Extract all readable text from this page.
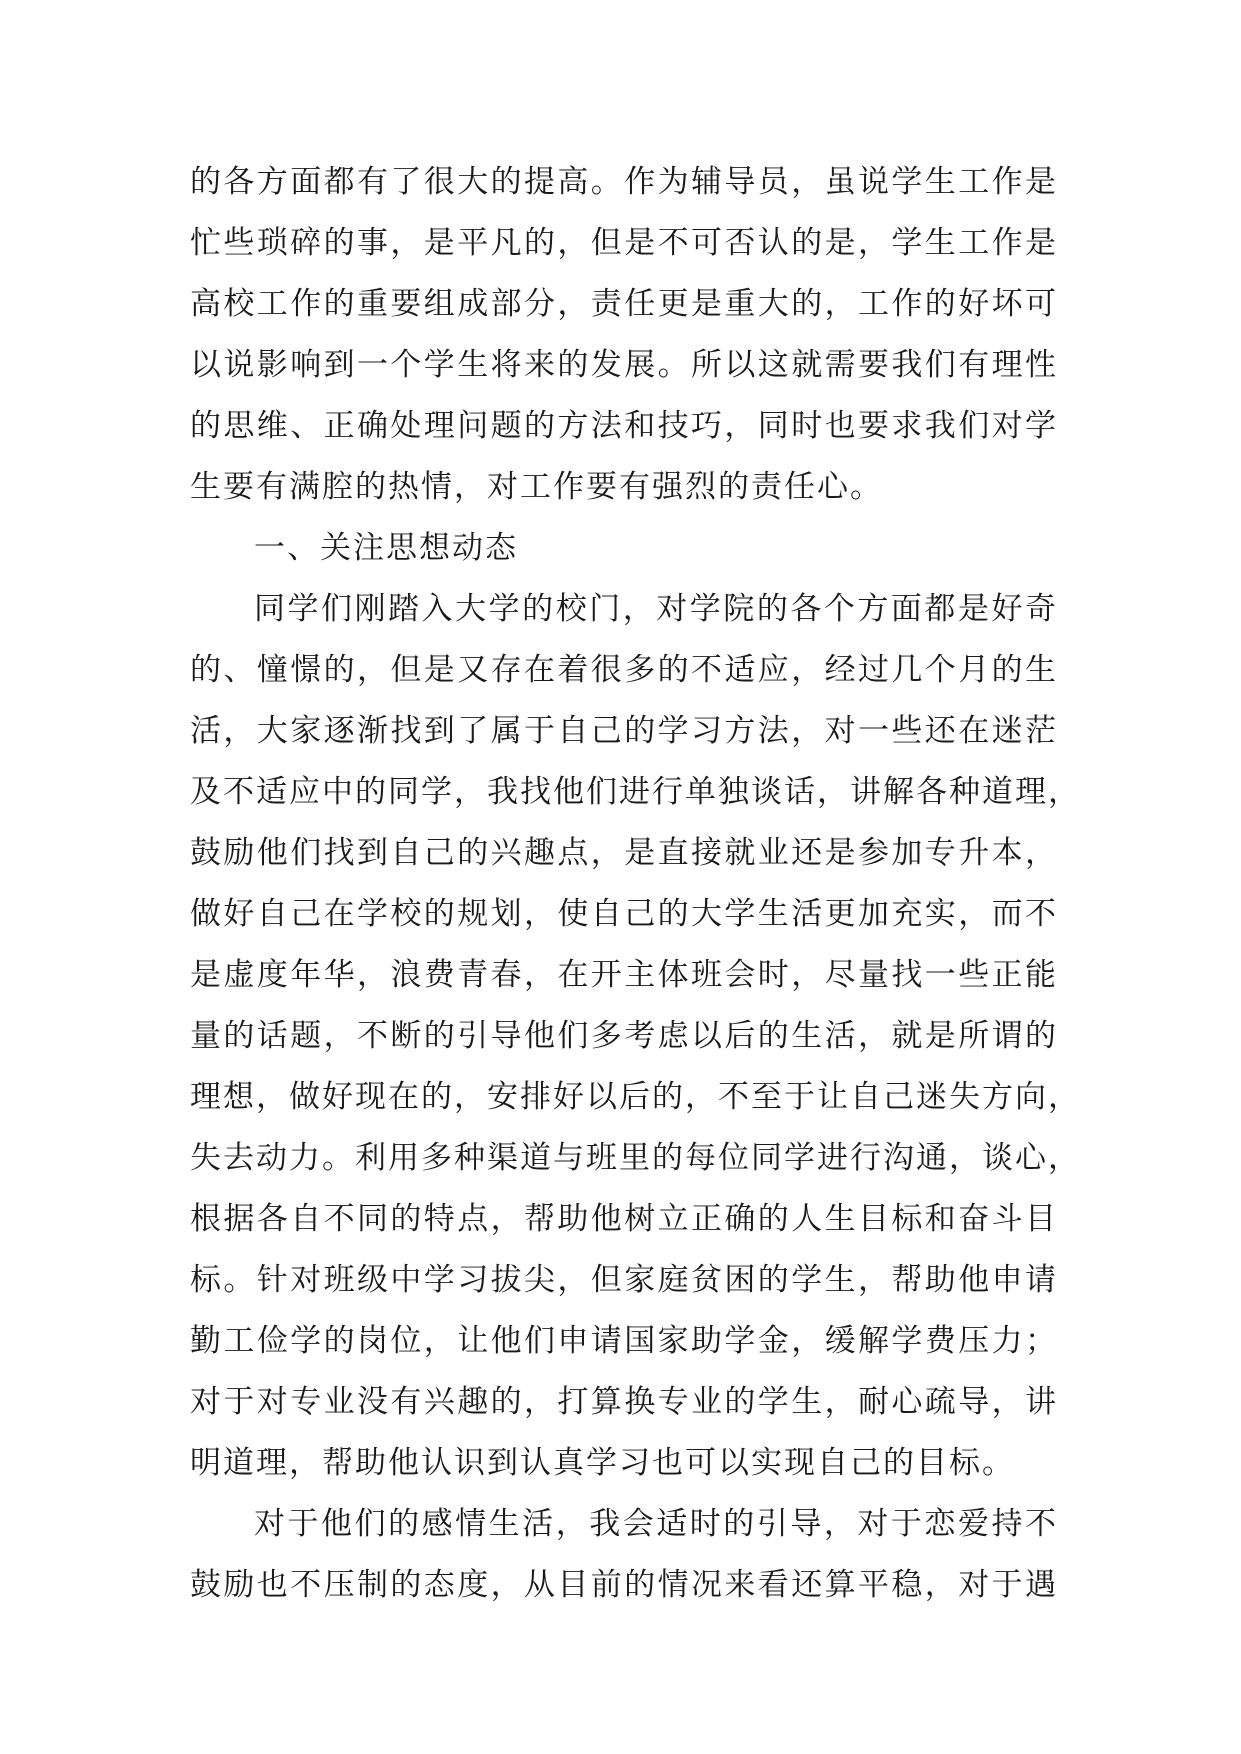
的各方面都有了很大的提高。作为辅导员，虽说学生工作是
忙些琐碎的事，是平凡的，但是不可否认的是，学生工作是
高校工作的重要组成部分，责任更是重大的，工作的好坏可
以说影响到一个学生将来的发展。所以这就需要我们有理性
的思维、正确处理问题的方法和技巧，同时也要求我们对学
生要有满腔的热情，对工作要有强烈的责任心。
一、关注思想动态
同学们刚踏入大学的校门，对学院的各个方面都是好奇
的、憧憬的，但是又存在着很多的不适应，经过几个月的生
活，大家逐渐找到了属于自己的学习方法，对一些还在迷茫
及不适应中的同学，我找他们进行单独谈话，讲解各种道理，
鼓励他们找到自己的兴趣点，是直接就业还是参加专升本，
做好自己在学校的规划，使自己的大学生活更加充实，而不
是虚度年华，浪费青春，在开主体班会时，尽量找一些正能
量的话题，不断的引导他们多考虑以后的生活，就是所谓的
理想，做好现在的，安排好以后的，不至于让自己迷失方向，
失去动力。利用多种渠道与班里的每位同学进行沟通，谈心，
根据各自不同的特点，帮助他树立正确的人生目标和奋斗目
标。针对班级中学习拔尖，但家庭贫困的学生，帮助他申请
勤工俭学的岗位，让他们申请国家助学金，缓解学费压力；
对于对专业没有兴趣的，打算换专业的学生，耐心疏导，讲
明道理，帮助他认识到认真学习也可以实现自己的目标。
对于他们的感情生活，我会适时的引导，对于恋爱持不
鼓励也不压制的态度，从目前的情况来看还算平稳，对于遇
